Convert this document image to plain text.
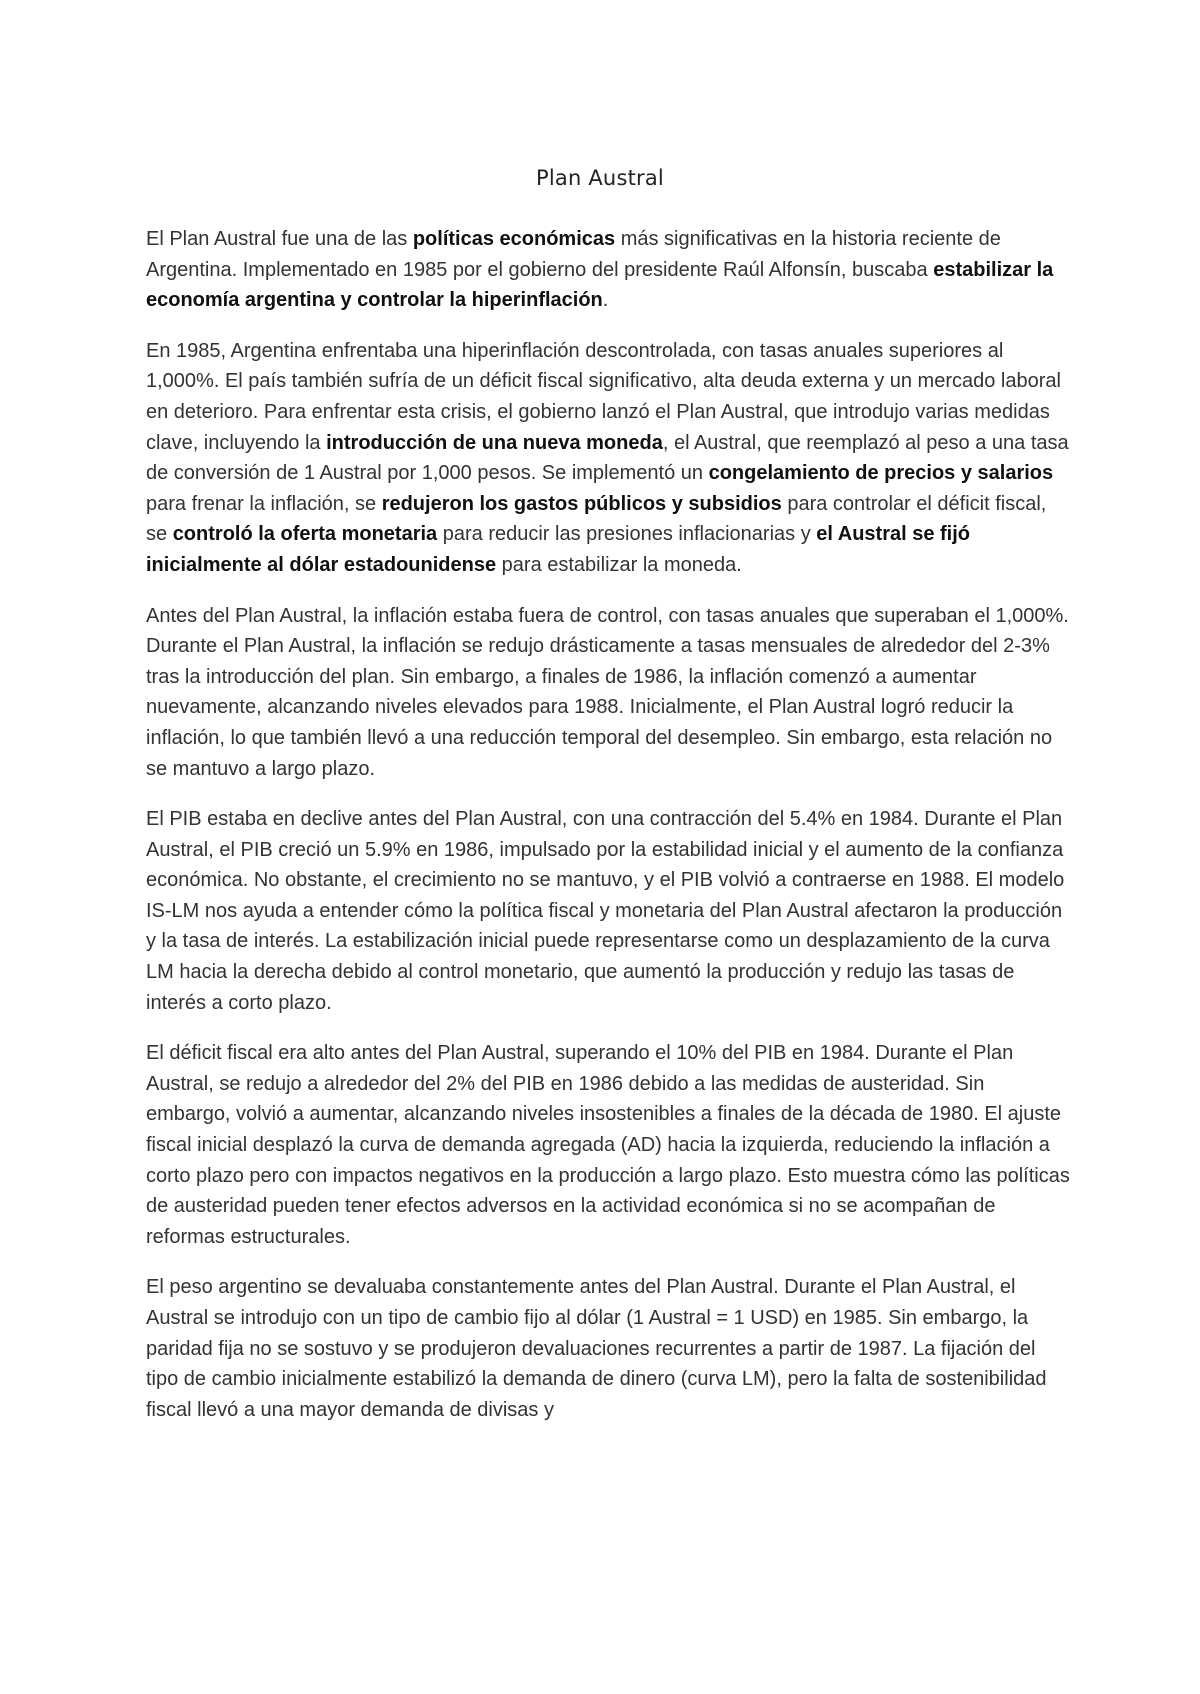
Plan Austral

El Plan Austral fue una de las políticas económicas más significativas en la historia reciente de Argentina. Implementado en 1985 por el gobierno del presidente Raúl Alfonsín, buscaba estabilizar la economía argentina y controlar la hiperinflación.

En 1985, Argentina enfrentaba una hiperinflación descontrolada, con tasas anuales superiores al 1,000%. El país también sufría de un déficit fiscal significativo, alta deuda externa y un mercado laboral en deterioro. Para enfrentar esta crisis, el gobierno lanzó el Plan Austral, que introdujo varias medidas clave, incluyendo la introducción de una nueva moneda, el Austral, que reemplazó al peso a una tasa de conversión de 1 Austral por 1,000 pesos. Se implementó un congelamiento de precios y salarios para frenar la inflación, se redujeron los gastos públicos y subsidios para controlar el déficit fiscal, se controló la oferta monetaria para reducir las presiones inflacionarias y el Austral se fijó inicialmente al dólar estadounidense para estabilizar la moneda.

Antes del Plan Austral, la inflación estaba fuera de control, con tasas anuales que superaban el 1,000%. Durante el Plan Austral, la inflación se redujo drásticamente a tasas mensuales de alrededor del 2-3% tras la introducción del plan. Sin embargo, a finales de 1986, la inflación comenzó a aumentar nuevamente, alcanzando niveles elevados para 1988. Inicialmente, el Plan Austral logró reducir la inflación, lo que también llevó a una reducción temporal del desempleo. Sin embargo, esta relación no se mantuvo a largo plazo.

El PIB estaba en declive antes del Plan Austral, con una contracción del 5.4% en 1984. Durante el Plan Austral, el PIB creció un 5.9% en 1986, impulsado por la estabilidad inicial y el aumento de la confianza económica. No obstante, el crecimiento no se mantuvo, y el PIB volvió a contraerse en 1988. El modelo IS-LM nos ayuda a entender cómo la política fiscal y monetaria del Plan Austral afectaron la producción y la tasa de interés. La estabilización inicial puede representarse como un desplazamiento de la curva LM hacia la derecha debido al control monetario, que aumentó la producción y redujo las tasas de interés a corto plazo.

El déficit fiscal era alto antes del Plan Austral, superando el 10% del PIB en 1984. Durante el Plan Austral, se redujo a alrededor del 2% del PIB en 1986 debido a las medidas de austeridad. Sin embargo, volvió a aumentar, alcanzando niveles insostenibles a finales de la década de 1980. El ajuste fiscal inicial desplazó la curva de demanda agregada (AD) hacia la izquierda, reduciendo la inflación a corto plazo pero con impactos negativos en la producción a largo plazo. Esto muestra cómo las políticas de austeridad pueden tener efectos adversos en la actividad económica si no se acompañan de reformas estructurales.

El peso argentino se devaluaba constantemente antes del Plan Austral. Durante el Plan Austral, el Austral se introdujo con un tipo de cambio fijo al dólar (1 Austral = 1 USD) en 1985. Sin embargo, la paridad fija no se sostuvo y se produjeron devaluaciones recurrentes a partir de 1987. La fijación del tipo de cambio inicialmente estabilizó la demanda de dinero (curva LM), pero la falta de sostenibilidad fiscal llevó a una mayor demanda de divisas y
